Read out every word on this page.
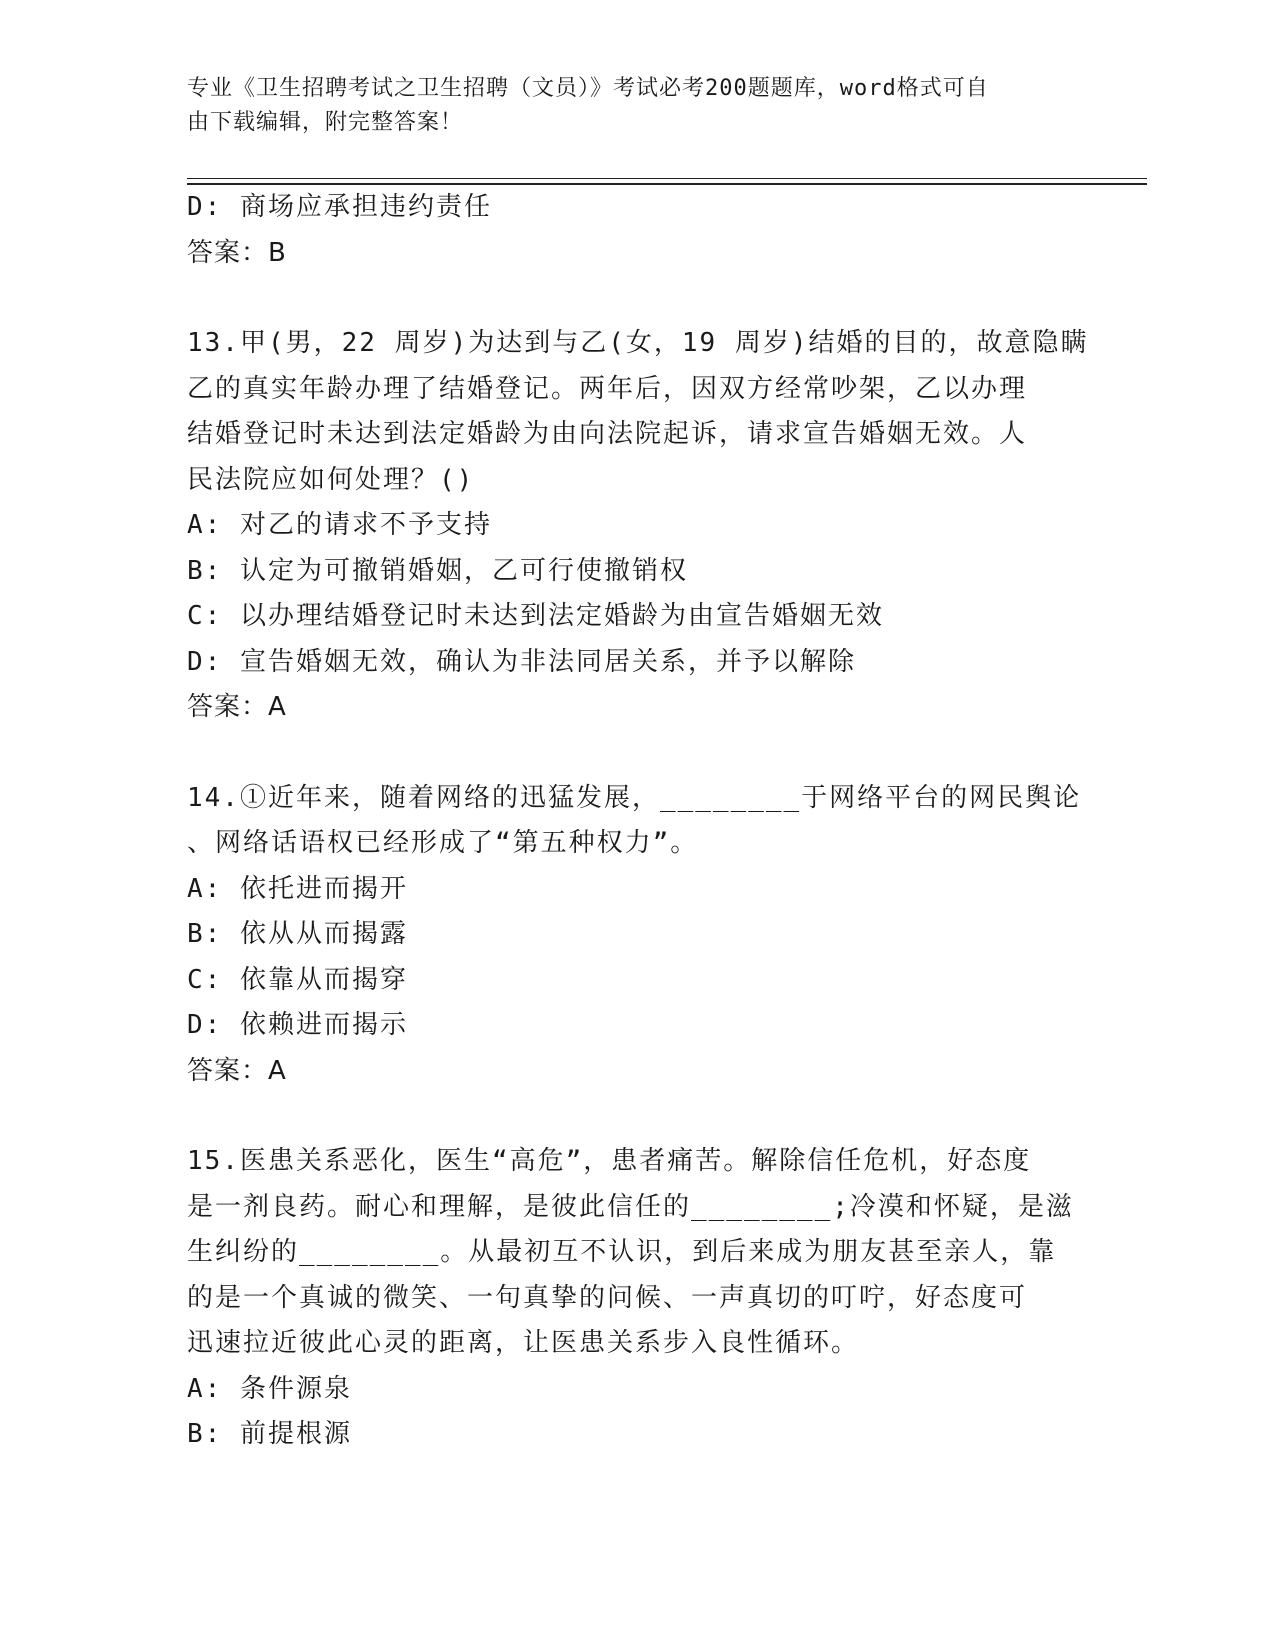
专业《卫生招聘考试之卫生招聘（文员）》考试必考200题题库，word格式可自
由下载编辑，附完整答案！
D: 商场应承担违约责任
答案：B
13.甲(男，22 周岁)为达到与乙(女，19 周岁)结婚的目的，故意隐瞒
乙的真实年龄办理了结婚登记。两年后，因双方经常吵架，乙以办理
结婚登记时未达到法定婚龄为由向法院起诉，请求宣告婚姻无效。人
民法院应如何处理？()
A: 对乙的请求不予支持
B: 认定为可撤销婚姻，乙可行使撤销权
C: 以办理结婚登记时未达到法定婚龄为由宣告婚姻无效
D: 宣告婚姻无效，确认为非法同居关系，并予以解除
答案：A
14.①近年来，随着网络的迅猛发展，________于网络平台的网民舆论
、网络话语权已经形成了“第五种权力”。
A: 依托进而揭开
B: 依从从而揭露
C: 依靠从而揭穿
D: 依赖进而揭示
答案：A
15.医患关系恶化，医生“高危”，患者痛苦。解除信任危机，好态度
是一剂良药。耐心和理解，是彼此信任的________;冷漠和怀疑，是滋
生纠纷的________。从最初互不认识，到后来成为朋友甚至亲人，靠
的是一个真诚的微笑、一句真挚的问候、一声真切的叮咛，好态度可
迅速拉近彼此心灵的距离，让医患关系步入良性循环。
A: 条件源泉
B: 前提根源
